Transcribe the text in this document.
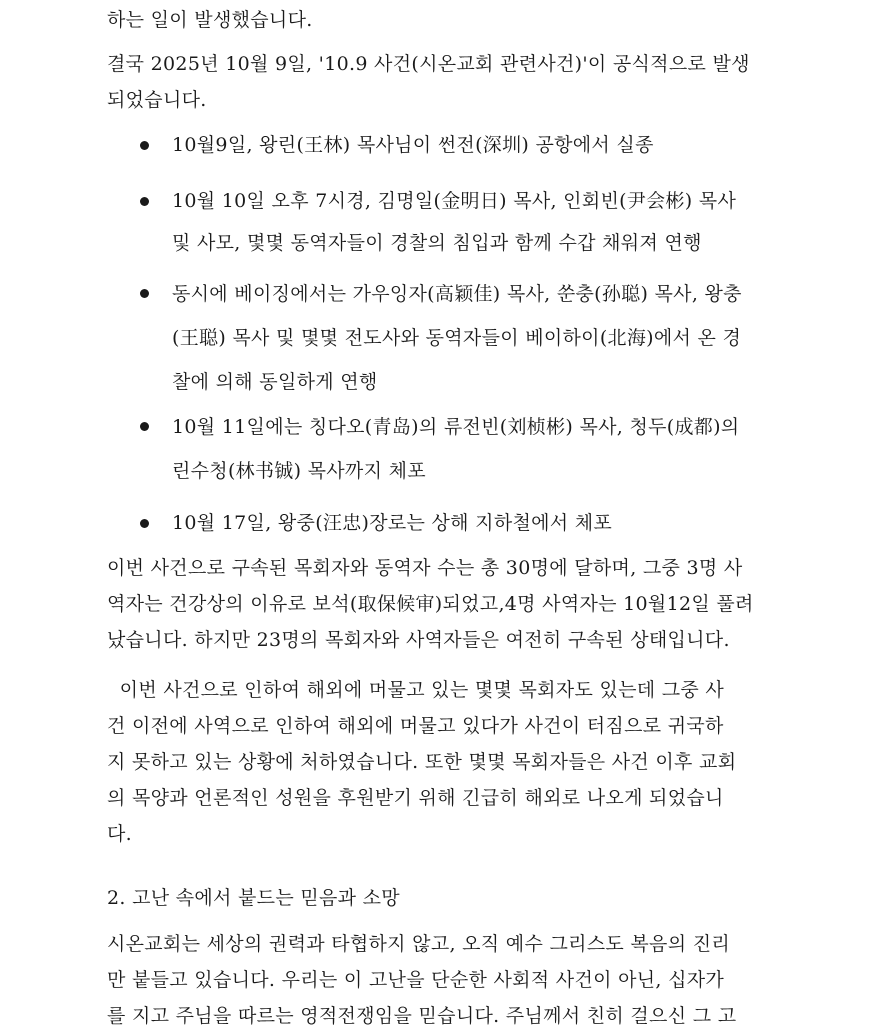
하는 일이 발생했습니다.

결국 2025년 10월 9일, '10.9 사건(시온교회 관련사건)'이 공식적으로 발생
되었습니다.

10월9일, 왕린(王林) 목사님이 썬전(深圳) 공항에서 실종
10월 10일 오후 7시경, 김명일(金明日) 목사, 인회빈(尹会彬) 목사
및 사모, 몇몇 동역자들이 경찰의 침입과 함께 수갑 채워져 연행
동시에 베이징에서는 가우잉자(高颖佳) 목사, 쑨충(孙聪) 목사, 왕충
(王聪) 목사 및 몇몇 전도사와 동역자들이 베이하이(北海)에서 온 경
찰에 의해 동일하게 연행
10월 11일에는 칭다오(青岛)의 류전빈(刘桢彬) 목사, 청두(成都)의
린수청(林书铖) 목사까지 체포
10월 17일, 왕중(汪忠)장로는 상해 지하철에서 체포

이번 사건으로 구속된 목회자와 동역자 수는 총 30명에 달하며, 그중 3명 사
역자는 건강상의 이유로 보석(取保候审)되었고,4명 사역자는 10월12일 풀려
났습니다. 하지만 23명의 목회자와 사역자들은 여전히 구속된 상태입니다.

이번 사건으로 인하여 해외에 머물고 있는 몇몇 목회자도 있는데 그중 사
건 이전에 사역으로 인하여 해외에 머물고 있다가 사건이 터짐으로 귀국하
지 못하고 있는 상황에 처하였습니다. 또한 몇몇 목회자들은 사건 이후 교회
의 목양과 언론적인 성원을 후원받기 위해 긴급히 해외로 나오게 되었습니
다.

2. 고난 속에서 붙드는 믿음과 소망

시온교회는 세상의 권력과 타협하지 않고, 오직 예수 그리스도 복음의 진리
만 붙들고 있습니다. 우리는 이 고난을 단순한 사회적 사건이 아닌, 십자가
를 지고 주님을 따르는 영적전쟁임을 믿습니다. 주님께서 친히 걸으신 그 고
